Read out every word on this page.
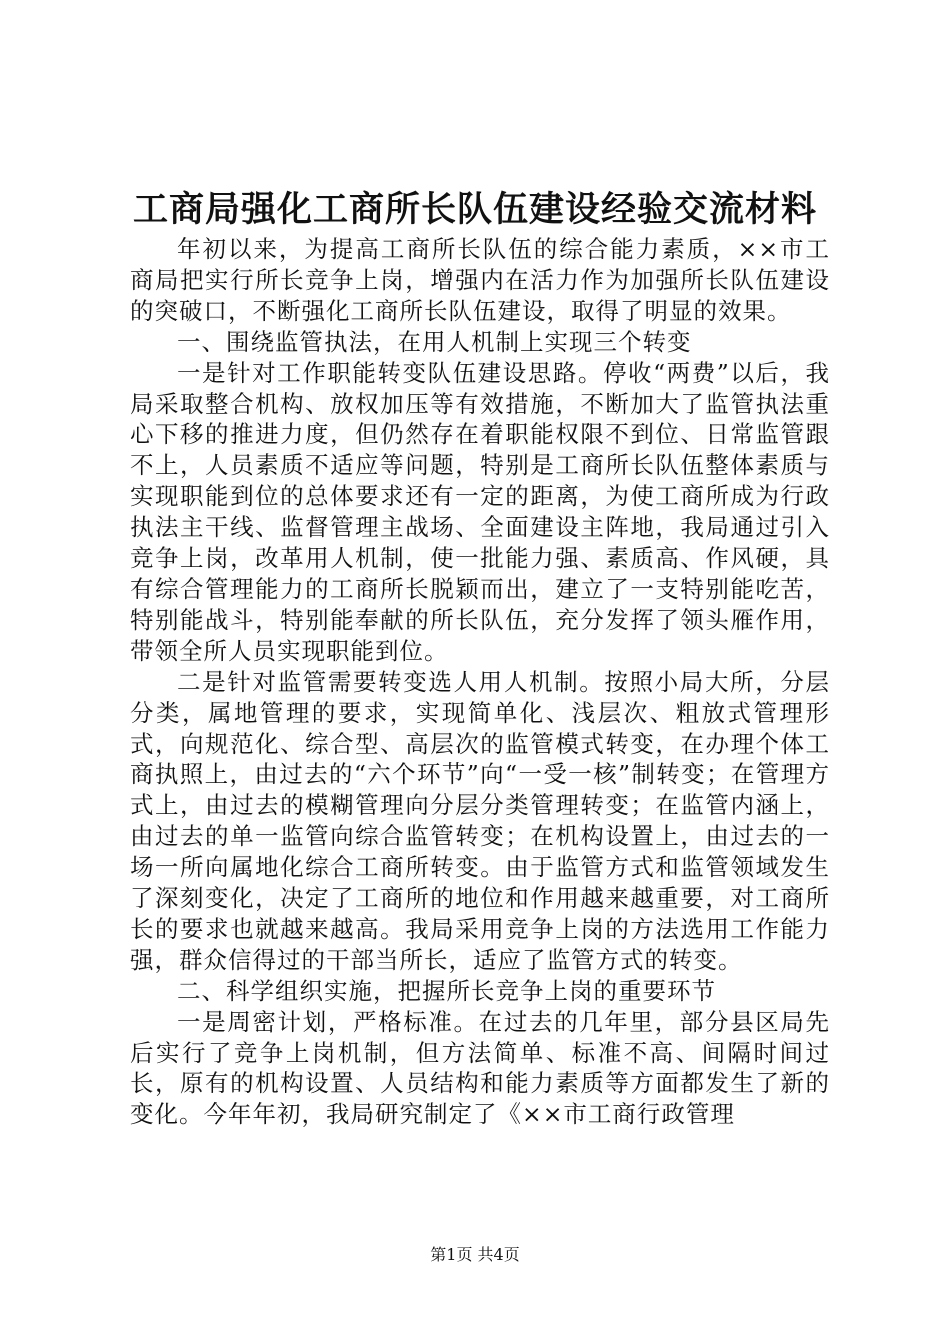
工商局强化工商所长队伍建设经验交流材料

年初以来，为提高工商所长队伍的综合能力素质，××市工商局把实行所长竞争上岗，增强内在活力作为加强所长队伍建设的突破口，不断强化工商所长队伍建设，取得了明显的效果。

一、围绕监管执法，在用人机制上实现三个转变

一是针对工作职能转变队伍建设思路。停收“两费”以后，我局采取整合机构、放权加压等有效措施，不断加大了监管执法重心下移的推进力度，但仍然存在着职能权限不到位、日常监管跟不上，人员素质不适应等问题，特别是工商所长队伍整体素质与实现职能到位的总体要求还有一定的距离，为使工商所成为行政执法主干线、监督管理主战场、全面建设主阵地，我局通过引入竞争上岗，改革用人机制，使一批能力强、素质高、作风硬，具有综合管理能力的工商所长脱颖而出，建立了一支特别能吃苦，特别能战斗，特别能奉献的所长队伍，充分发挥了领头雁作用，带领全所人员实现职能到位。

二是针对监管需要转变选人用人机制。按照小局大所，分层分类，属地管理的要求，实现简单化、浅层次、粗放式管理形式，向规范化、综合型、高层次的监管模式转变，在办理个体工商执照上，由过去的“六个环节”向“一受一核”制转变；在管理方式上，由过去的模糊管理向分层分类管理转变；在监管内涵上，由过去的单一监管向综合监管转变；在机构设置上，由过去的一场一所向属地化综合工商所转变。由于监管方式和监管领域发生了深刻变化，决定了工商所的地位和作用越来越重要，对工商所长的要求也就越来越高。我局采用竞争上岗的方法选用工作能力强，群众信得过的干部当所长，适应了监管方式的转变。

二、科学组织实施，把握所长竞争上岗的重要环节

一是周密计划，严格标准。在过去的几年里，部分县区局先后实行了竞争上岗机制，但方法简单、标准不高、间隔时间过长，原有的机构设置、人员结构和能力素质等方面都发生了新的变化。今年年初，我局研究制定了《××市工商行政管理

第1页 共4页
